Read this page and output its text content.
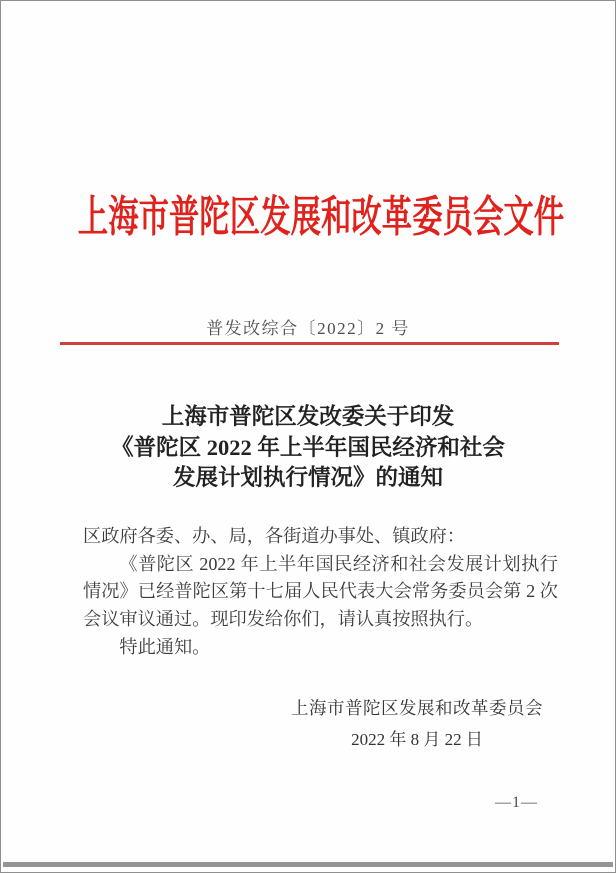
上海市普陀区发展和改革委员会文件
普发改综合〔2022〕2 号
上海市普陀区发改委关于印发
《普陀区 2022 年上半年国民经济和社会
发展计划执行情况》的通知

区政府各委、办、局，各街道办事处、镇政府：

《普陀区 2022 年上半年国民经济和社会发展计划执行情况》已经普陀区第十七届人民代表大会常务委员会第 2 次会议审议通过。现印发给你们，请认真按照执行。

特此通知。

上海市普陀区发展和改革委员会
2022 年 8 月 22 日
—1—
